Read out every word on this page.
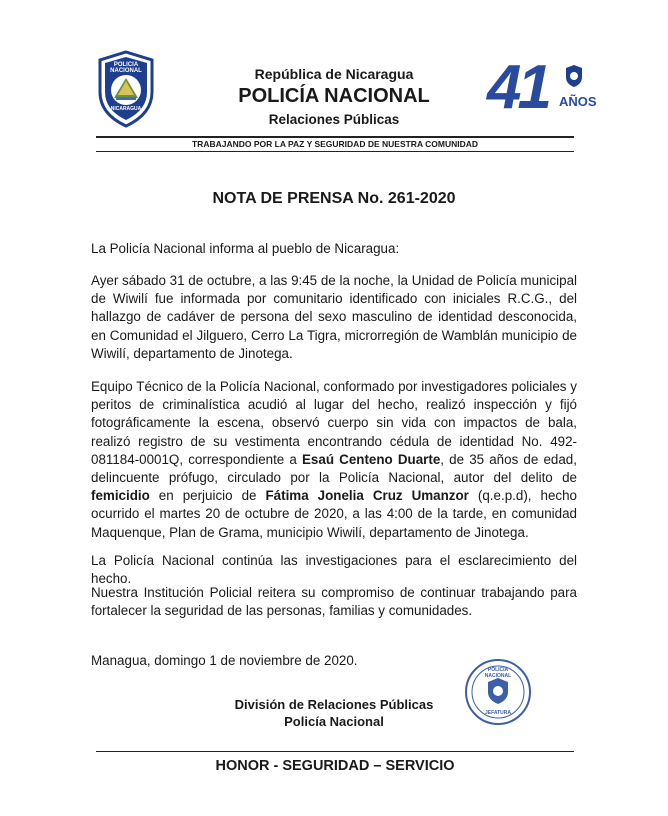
POLICIA NACIONAL
NICARAGUA
República de Nicaragua
POLICÍA NACIONAL
Relaciones Públicas	41 AÑOS
TRABAJANDO POR LA PAZ Y SEGURIDAD DE NUESTRA COMUNIDAD
NOTA DE PRENSA No. 261-2020
La Policía Nacional informa al pueblo de Nicaragua:
Ayer sábado 31 de octubre, a las 9:45 de la noche, la Unidad de Policía municipal de Wiwilí fue informada por comunitario identificado con iniciales R.C.G., del hallazgo de cadáver de persona del sexo masculino de identidad desconocida, en Comunidad el Jilguero, Cerro La Tigra, microrregión de Wamblán municipio de Wiwilí, departamento de Jinotega.
Equipo Técnico de la Policía Nacional, conformado por investigadores policiales y peritos de criminalística acudió al lugar del hecho, realizó inspección y fijó fotográficamente la escena, observó cuerpo sin vida con impactos de bala, realizó registro de su vestimenta encontrando cédula de identidad No. 492-081184-0001Q, correspondiente a Esaú Centeno Duarte, de 35 años de edad, delincuente prófugo, circulado por la Policía Nacional, autor del delito de femicidio en perjuicio de Fátima Jonelia Cruz Umanzor (q.e.p.d), hecho ocurrido el martes 20 de octubre de 2020, a las 4:00 de la tarde, en comunidad Maquenque, Plan de Grama, municipio Wiwilí, departamento de Jinotega.
La Policía Nacional continúa las investigaciones para el esclarecimiento del hecho.
Nuestra Institución Policial reitera su compromiso de continuar trabajando para fortalecer la seguridad de las personas, familias y comunidades.
Managua, domingo 1 de noviembre de 2020.
División de Relaciones Públicas
Policía Nacional
POLICÍA NACIONAL
JEFATURA
HONOR - SEGURIDAD – SERVICIO
